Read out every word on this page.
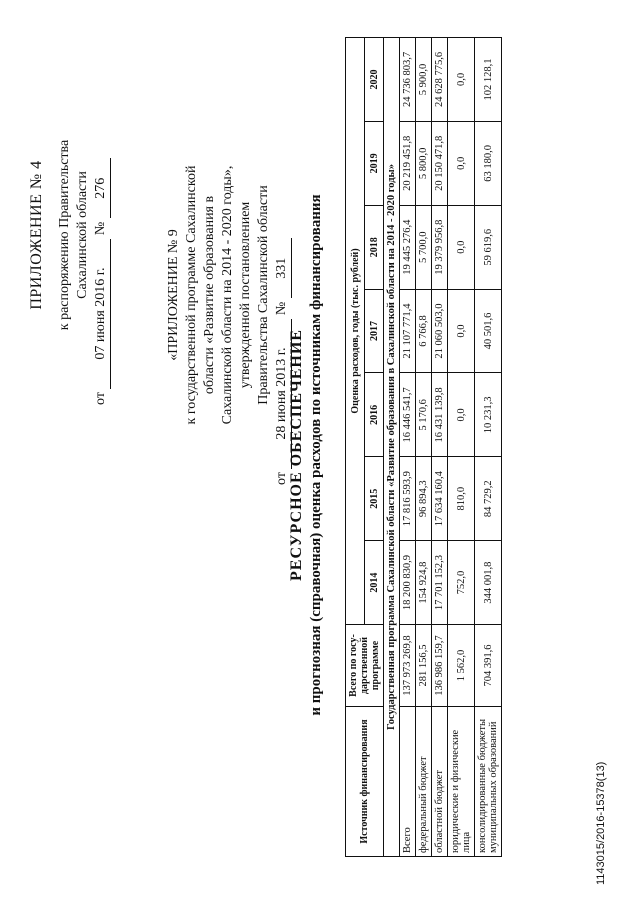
ПРИЛОЖЕНИЕ № 4 к распоряжению Правительства Сахалинской области
от 07 июня 2016 г. № 276
«ПРИЛОЖЕНИЕ № 9 к государственной программе Сахалинской области «Развитие образования в Сахалинской области на 2014 - 2020 годы», утвержденной постановлением Правительства Сахалинской области
от 28 июня 2013 г. № 331
РЕСУРСНОЕ ОБЕСПЕЧЕНИЕ и прогнозная (справочная) оценка расходов по источникам финансирования
Источник финансирования	Всего по госу-дарственной программе	Оценка расходов, годы (тыс. рублей)						
		2014	2015	2016	2017	2018	2019	2020
Государственная программа Сахалинской области «Развитие образования в Сахалинской области на 2014 - 2020 годы»								
Всего	137 973 269,8	18 200 830,9	17 816 593,9	16 446 541,7	21 107 771,4	19 445 276,4	20 219 451,8	24 736 803,7
федеральный бюджет	281 156,5	154 924,8	96 894,3	5 170,6	6 766,8	5 700,0	5 800,0	5 900,0
областной бюджет	136 986 159,7	17 701 152,3	17 634 160,4	16 431 139,8	21 060 503,0	19 379 956,8	20 150 471,8	24 628 775,6
юридические и физические лица	1 562,0	752,0	810,0	0,0	0,0	0,0	0,0	0,0
консолидированные бюджеты муниципальных образований	704 391,6	344 001,8	84 729,2	10 231,3	40 501,6	59 619,6	63 180,0	102 128,1
1143015/2016-15378(13)
